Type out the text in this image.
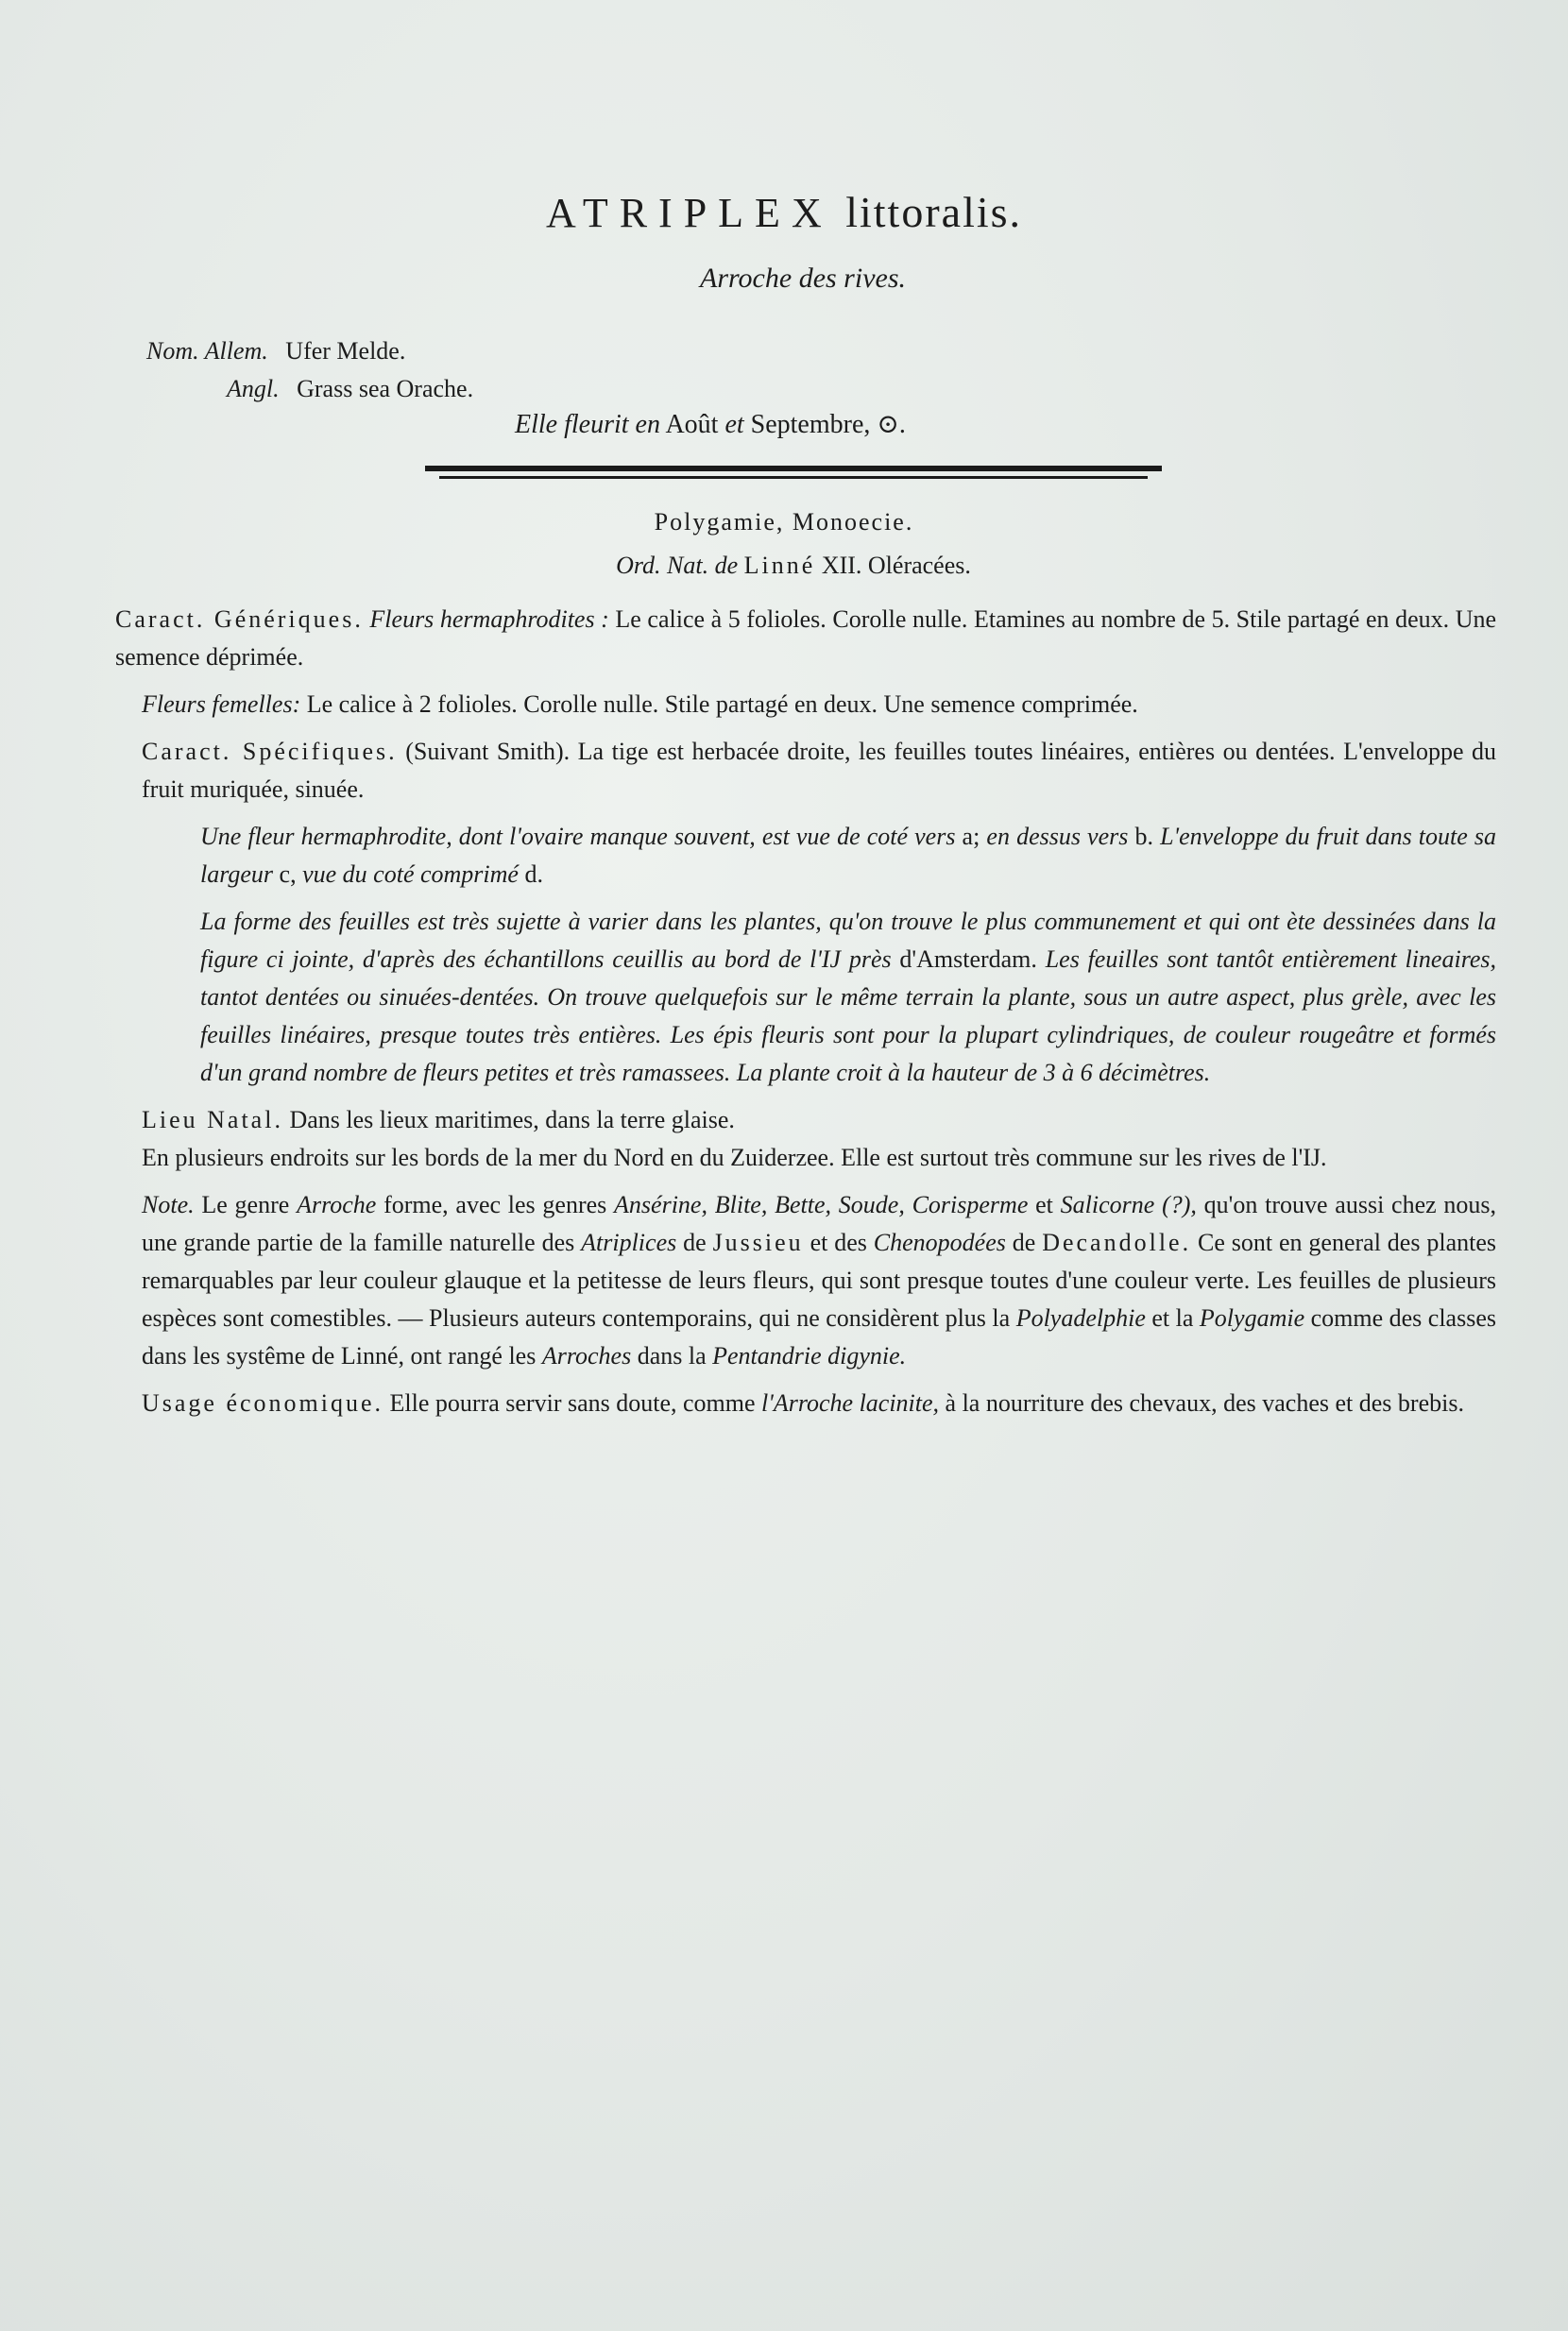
ATRIPLEX littoralis.
Arroche des rives.
Nom. Allem. Ufer Melde.
Angl. Grass sea Orache.
Elle fleurit en Août et Septembre, ⊙.
Polygamie, Monoecie.
Ord. Nat. de Linné XII. Oléracées.

Caract. Génériques. Fleurs hermaphrodites : Le calice à 5 folioles. Corolle nulle. Etamines au nombre de 5. Stile partagé en deux. Une semence déprimée.

Fleurs femelles: Le calice à 2 folioles. Corolle nulle. Stile partagé en deux. Une semence comprimée.

Caract. Spécifiques. (Suivant Smith). La tige est herbacée droite, les feuilles toutes linéaires, entières ou dentées. L'enveloppe du fruit muriquée, sinuée.

Une fleur hermaphrodite, dont l'ovaire manque souvent, est vue de coté vers a; en dessus vers b. L'enveloppe du fruit dans toute sa largeur c, vue du coté comprimé d.
La forme des feuilles est très sujette à varier dans les plantes, qu'on trouve le plus communement et qui ont ète dessinées dans la figure ci jointe, d'après des échantillons ceuillis au bord de l'IJ près d'Amsterdam. Les feuilles sont tantôt entièrement lineaires, tantot dentées ou sinuées-dentées. On trouve quelquefois sur le même terrain la plante, sous un autre aspect, plus grèle, avec les feuilles linéaires, presque toutes très entières. Les épis fleuris sont pour la plupart cylindriques, de couleur rougeâtre et formés d'un grand nombre de fleurs petites et très ramassees. La plante croit à la hauteur de 3 à 6 décimètres.

Lieu Natal. Dans les lieux maritimes, dans la terre glaise.

En plusieurs endroits sur les bords de la mer du Nord en du Zuiderzee. Elle est surtout très commune sur les rives de l'IJ.

Note. Le genre Arroche forme, avec les genres Ansérine, Blite, Bette, Soude, Corisperme et Salicorne (?), qu'on trouve aussi chez nous, une grande partie de la famille naturelle des Atriplices de Jussieu et des Chenopodées de Decandolle. Ce sont en general des plantes remarquables par leur couleur glauque et la petitesse de leurs fleurs, qui sont presque toutes d'une couleur verte. Les feuilles de plusieurs espèces sont comestibles. — Plusieurs auteurs contemporains, qui ne considèrent plus la Polyadelphie et la Polygamie comme des classes dans les systême de Linné, ont rangé les Arroches dans la Pentandrie digynie.

Usage économique. Elle pourra servir sans doute, comme l'Arroche lacinite, à la nourriture des chevaux, des vaches et des brebis.
